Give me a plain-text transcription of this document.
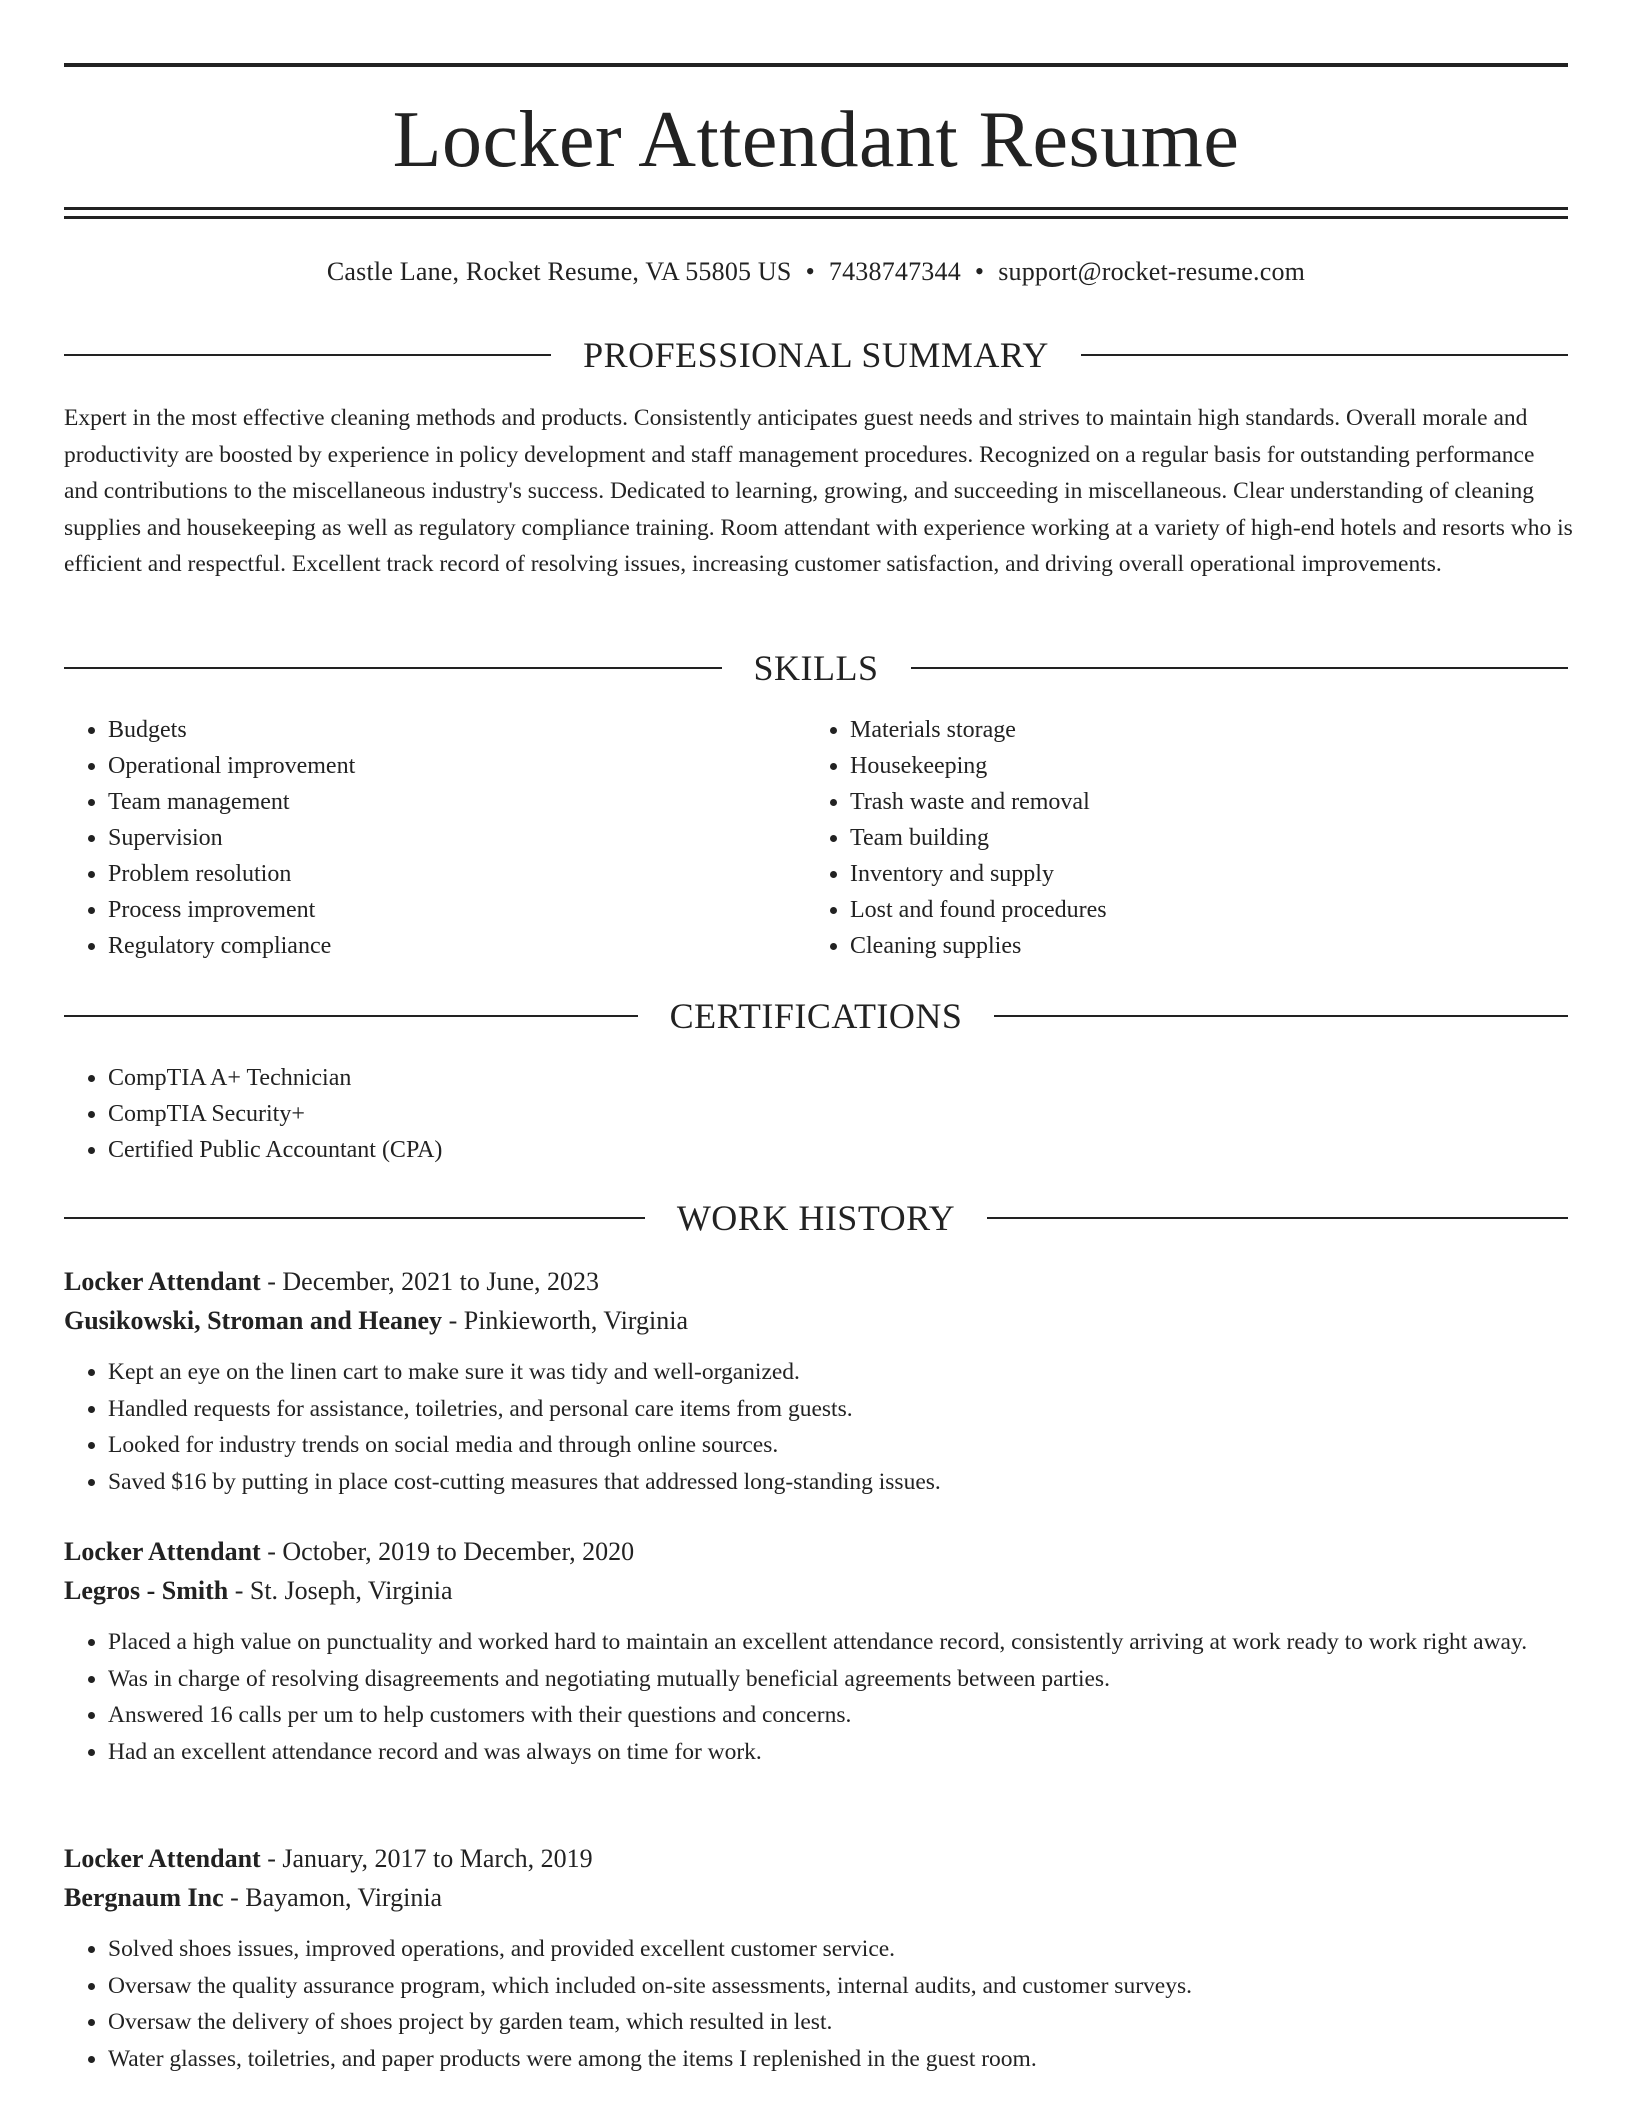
Locker Attendant Resume
Castle Lane, Rocket Resume, VA 55805 US • 7438747344 • support@rocket-resume.com
PROFESSIONAL SUMMARY

Expert in the most effective cleaning methods and products. Consistently anticipates guest needs and strives to maintain high standards. Overall morale and productivity are boosted by experience in policy development and staff management procedures. Recognized on a regular basis for outstanding performance and contributions to the miscellaneous industry's success. Dedicated to learning, growing, and succeeding in miscellaneous. Clear understanding of cleaning supplies and housekeeping as well as regulatory compliance training. Room attendant with experience working at a variety of high-end hotels and resorts who is efficient and respectful. Excellent track record of resolving issues, increasing customer satisfaction, and driving overall operational improvements.

SKILLS
• Budgets
• Operational improvement
• Team management
• Supervision
• Problem resolution
• Process improvement
• Regulatory compliance
• Materials storage
• Housekeeping
• Trash waste and removal
• Team building
• Inventory and supply
• Lost and found procedures
• Cleaning supplies
CERTIFICATIONS
• CompTIA A+ Technician
• CompTIA Security+
• Certified Public Accountant (CPA)
WORK HISTORY
Locker Attendant - December, 2021 to June, 2023
Gusikowski, Stroman and Heaney - Pinkieworth, Virginia
• Kept an eye on the linen cart to make sure it was tidy and well-organized.
• Handled requests for assistance, toiletries, and personal care items from guests.
• Looked for industry trends on social media and through online sources.
• Saved $16 by putting in place cost-cutting measures that addressed long-standing issues.
Locker Attendant - October, 2019 to December, 2020
Legros - Smith - St. Joseph, Virginia
• Placed a high value on punctuality and worked hard to maintain an excellent attendance record, consistently arriving at work ready to work right away.
• Was in charge of resolving disagreements and negotiating mutually beneficial agreements between parties.
• Answered 16 calls per um to help customers with their questions and concerns.
• Had an excellent attendance record and was always on time for work.
Locker Attendant - January, 2017 to March, 2019
Bergnaum Inc - Bayamon, Virginia
• Solved shoes issues, improved operations, and provided excellent customer service.
• Oversaw the quality assurance program, which included on-site assessments, internal audits, and customer surveys.
• Oversaw the delivery of shoes project by garden team, which resulted in lest.
• Water glasses, toiletries, and paper products were among the items I replenished in the guest room.
